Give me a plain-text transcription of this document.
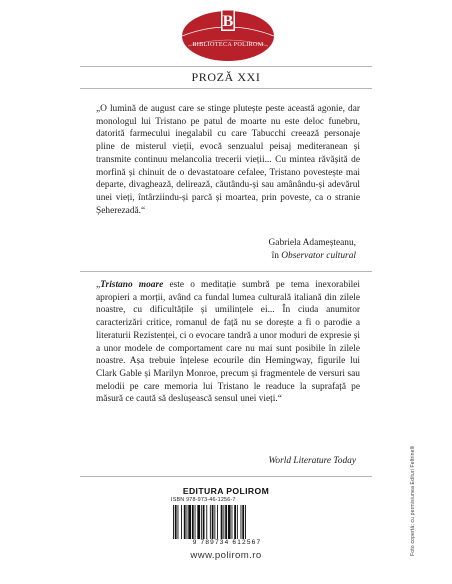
B
BIBLIOTECA POLIROM
PROZĂ XXI
„O lumină de august care se stinge plutește peste această agonie, dar monologul lui Tristano pe patul de moarte nu este deloc funebru, datorită farmecului inegalabil cu care Tabucchi creează personaje pline de misterul vieții, evocă senzualul peisaj mediteranean și transmite continuu melancolia trecerii vieții... Cu mintea răvășită de morfină și chinuit de o devastatoare cefalee, Tristano povestește mai departe, divaghează, delirează, căutându-și sau amânându-și adevărul unei vieți, întârziindu-și parcă și moartea, prin poveste, ca o stranie Șeherezadă.“
Gabriela Adameșteanu,
în Observator cultural
„Tristano moare este o meditație sumbră pe tema inexorabilei apropieri a morții, având ca fundal lumea culturală italiană din zilele noastre, cu dificultățile și umilințele ei... În ciuda anumitor caracterizări critice, romanul de față nu se dorește a fi o parodie a literaturii Rezistenței, ci o evocare tandră a unor moduri de expresie și a unor modele de comportament care nu mai sunt posibile în zilele noastre. Așa trebuie înțelese ecourile din Hemingway, figurile lui Clark Gable și Marilyn Monroe, precum și fragmentele de versuri sau melodii pe care memoria lui Tristano le readuce la suprafață pe măsură ce caută să deslușească sensul unei vieți.“
World Literature Today
EDITURA POLIROM
ISBN 978-973-46-1256-7
9 789734 612567
www.polirom.ro	Foto copertă: cu permisiunea Edituri Feltrinelli
